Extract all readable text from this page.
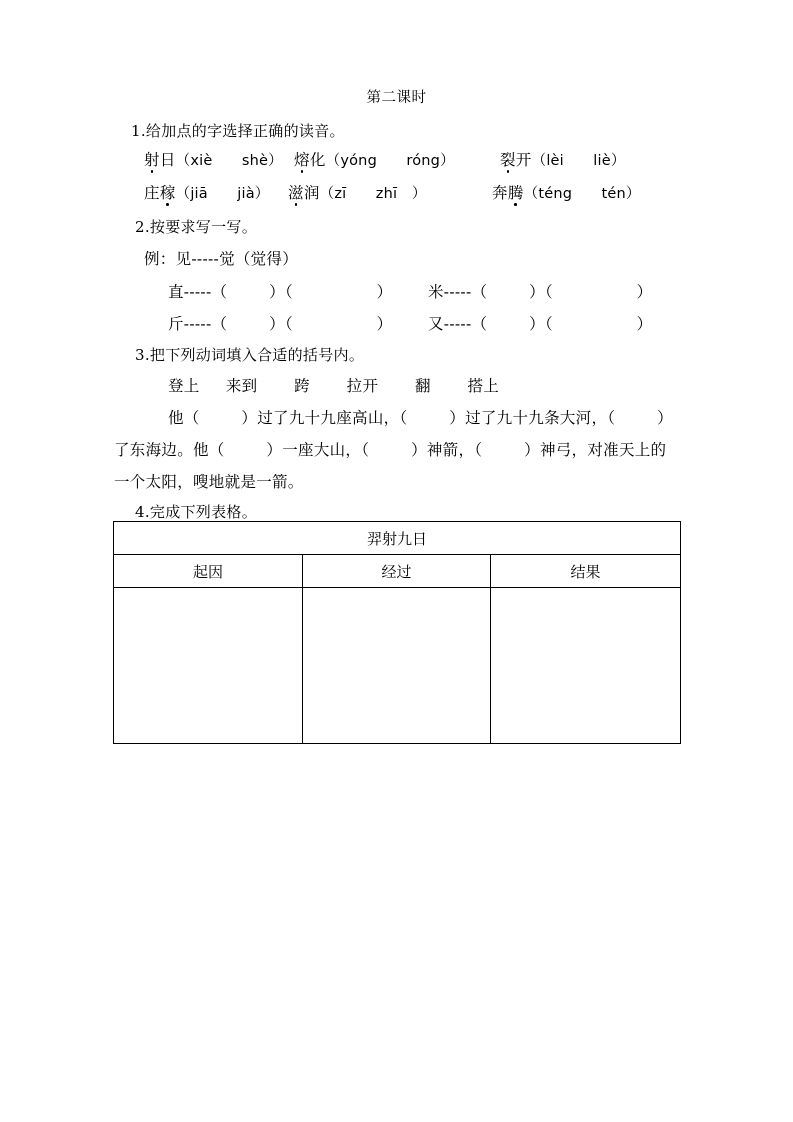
第二课时
1.给加点的字选择正确的读音。
射日（xiè　　shè） 熔化（yóng　　róng）	裂开（lèi　　liè）
庄稼（jiā　　jià） 滋润（zī　　zhī　）	奔腾（téng　　tén）
2.按要求写一写。
例：见-----觉（觉得）
直-----（        ）（                ） 米-----（        ）（                ）
斤-----（        ）（                ） 又-----（        ）（                ）
3.把下列动词填入合适的括号内。
登上　  来到　    跨　    拉开　    翻　    搭上
他（        ）过了九十九座高山，（        ）过了九十九条大河，（        ）
了东海边。他（        ）一座大山，（        ）神箭，（        ）神弓，对准天上的
一个太阳，嗖地就是一箭。
4.完成下列表格。
羿射九日		
起因	经过	结果
